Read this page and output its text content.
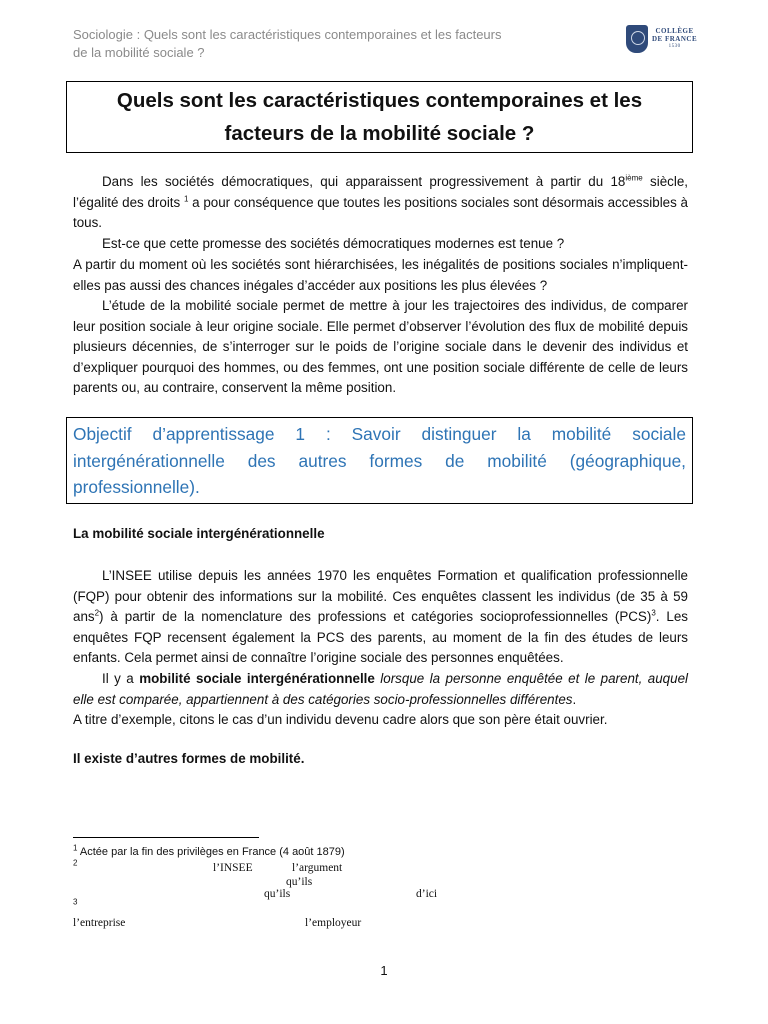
Sociologie : Quels sont les caractéristiques contemporaines et les facteurs
de la mobilité sociale ?
COLLÈGE
DE FRANCE
1530
Quels sont les caractéristiques contemporaines et les facteurs de la mobilité sociale ?

Dans les sociétés démocratiques, qui apparaissent progressivement à partir du 18ième siècle, l’égalité des droits $^1$ a pour conséquence que toutes les positions sociales sont désormais accessibles à tous.

Est-ce que cette promesse des sociétés démocratiques modernes est tenue ?

A partir du moment où les sociétés sont hiérarchisées, les inégalités de positions sociales n’impliquent-elles pas aussi des chances inégales d’accéder aux positions les plus élevées ?

L’étude de la mobilité sociale permet de mettre à jour les trajectoires des individus, de comparer leur position sociale à leur origine sociale. Elle permet d’observer l’évolution des flux de mobilité depuis plusieurs décennies, de s’interroger sur le poids de l’origine sociale dans le devenir des individus et d’expliquer pourquoi des hommes, ou des femmes, ont une position sociale différente de celle de leurs parents ou, au contraire, conservent la même position.

Objectif d’apprentissage 1 : Savoir distinguer la mobilité sociale intergénérationnelle des autres formes de mobilité (géographique, professionnelle).

La mobilité sociale intergénérationnelle

L’INSEE utilise depuis les années 1970 les enquêtes Formation et qualification professionnelle (FQP) pour obtenir des informations sur la mobilité. Ces enquêtes classent les individus (de 35 à 59 ans$^2$) à partir de la nomenclature des professions et catégories socioprofessionnelles (PCS)$^3$. Les enquêtes FQP recensent également la PCS des parents, au moment de la fin des études de leurs enfants. Cela permet ainsi de connaître l’origine sociale des personnes enquêtées.

Il y a mobilité sociale intergénérationnelle lorsque la personne enquêtée et le parent, auquel elle est comparée, appartiennent à des catégories socio-professionnelles différentes.

A titre d’exemple, citons le cas d’un individu devenu cadre alors que son père était ouvrier.

Il existe d’autres formes de mobilité.

$^1$ Actée par la fin des privilèges en France (4 août 1879)
$^2$	l’INSEE	l’argument
qu’ils
qu’ils	d’ici
$^3$
l’entreprise	l’employeur
1
